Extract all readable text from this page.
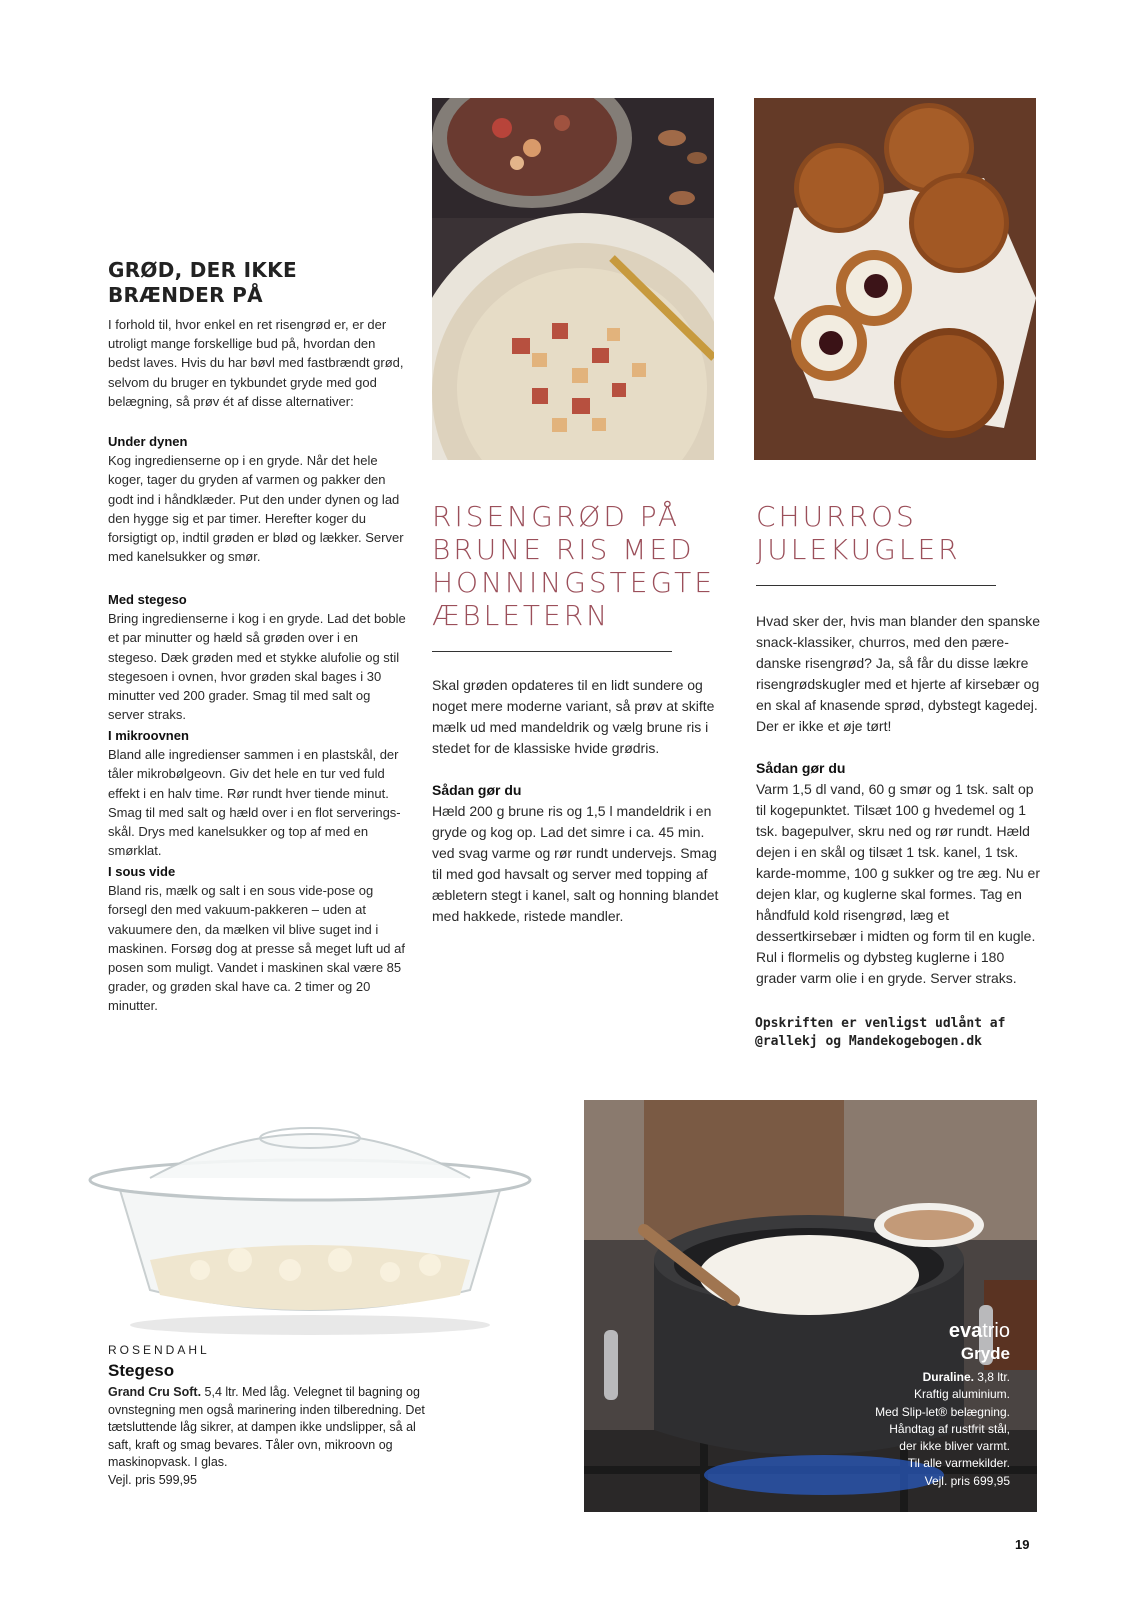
GRØD, DER IKKE BRÆNDER PÅ
I forhold til, hvor enkel en ret risengrød er, er der utroligt mange forskellige bud på, hvordan den bedst laves. Hvis du har bøvl med fastbrændt grød, selvom du bruger en tykbundet gryde med god belægning, så prøv ét af disse alternativer:
Under dynen

Kog ingredienserne op i en gryde. Når det hele koger, tager du gryden af varmen og pakker den godt ind i håndklæder. Put den under dynen og lad den hygge sig et par timer. Herefter koger du forsigtigt op, indtil grøden er blød og lækker. Server med kanelsukker og smør.

Med stegeso

Bring ingredienserne i kog i en gryde. Lad det boble et par minutter og hæld så grøden over i en stegeso. Dæk grøden med et stykke alufolie og stil stegesoen i ovnen, hvor grøden skal bages i 30 minutter ved 200 grader. Smag til med salt og server straks.

I mikroovnen

Bland alle ingredienser sammen i en plastskål, der tåler mikrobølgeovn. Giv det hele en tur ved fuld effekt i en halv time. Rør rundt hver tiende minut. Smag til med salt og hæld over i en flot serverings-skål. Drys med kanelsukker og top af med en smørklat.

I sous vide

Bland ris, mælk og salt i en sous vide-pose og forsegl den med vakuum-pakkeren – uden at vakuumere den, da mælken vil blive suget ind i maskinen. Forsøg dog at presse så meget luft ud af posen som muligt. Vandet i maskinen skal være 85 grader, og grøden skal have ca. 2 timer og 20 minutter.

RISENGRØD PÅ
BRUNE RIS MED
HONNINGSTEGTE
ÆBLETERN

Skal grøden opdateres til en lidt sundere og noget mere moderne variant, så prøv at skifte mælk ud med mandeldrik og vælg brune ris i stedet for de klassiske hvide grødris.

Sådan gør du

Hæld 200 g brune ris og 1,5 l mandeldrik i en gryde og kog op. Lad det simre i ca. 45 min. ved svag varme og rør rundt undervejs. Smag til med god havsalt og server med topping af æbletern stegt i kanel, salt og honning blandet med hakkede, ristede mandler.

CHURROS
JULEKUGLER

Hvad sker der, hvis man blander den spanske snack-klassiker, churros, med den pære-danske risengrød? Ja, så får du disse lækre risengrødskugler med et hjerte af kirsebær og en skal af knasende sprød, dybstegt kagedej. Der er ikke et øje tørt!

Sådan gør du

Varm 1,5 dl vand, 60 g smør og 1 tsk. salt op til kogepunktet. Tilsæt 100 g hvedemel og 1 tsk. bagepulver, skru ned og rør rundt. Hæld dejen i en skål og tilsæt 1 tsk. kanel, 1 tsk. karde-momme, 100 g sukker og tre æg. Nu er dejen klar, og kuglerne skal formes. Tag en håndfuld kold risengrød, læg et dessertkirsebær i midten og form til en kugle. Rul i flormelis og dybsteg kuglerne i 180 grader varm olie i en gryde. Server straks.

Opskriften er venligst udlånt af
@rallekj og Mandekogebogen.dk
ROSENDAHL
Stegeso
Grand Cru Soft. 5,4 ltr. Med låg. Velegnet til bagning og ovnstegning men også marinering inden tilberedning. Det tætsluttende låg sikrer, at dampen ikke undslipper, så al saft, kraft og smag bevares. Tåler ovn, mikroovn og maskinopvask. I glas.
Vejl. pris 599,95
evatrio
Gryde
Duraline. 3,8 ltr.
Kraftig aluminium.
Med Slip-let® belægning.
Håndtag af rustfrit stål,
der ikke bliver varmt.
Til alle varmekilder.
Vejl. pris 699,95
19
